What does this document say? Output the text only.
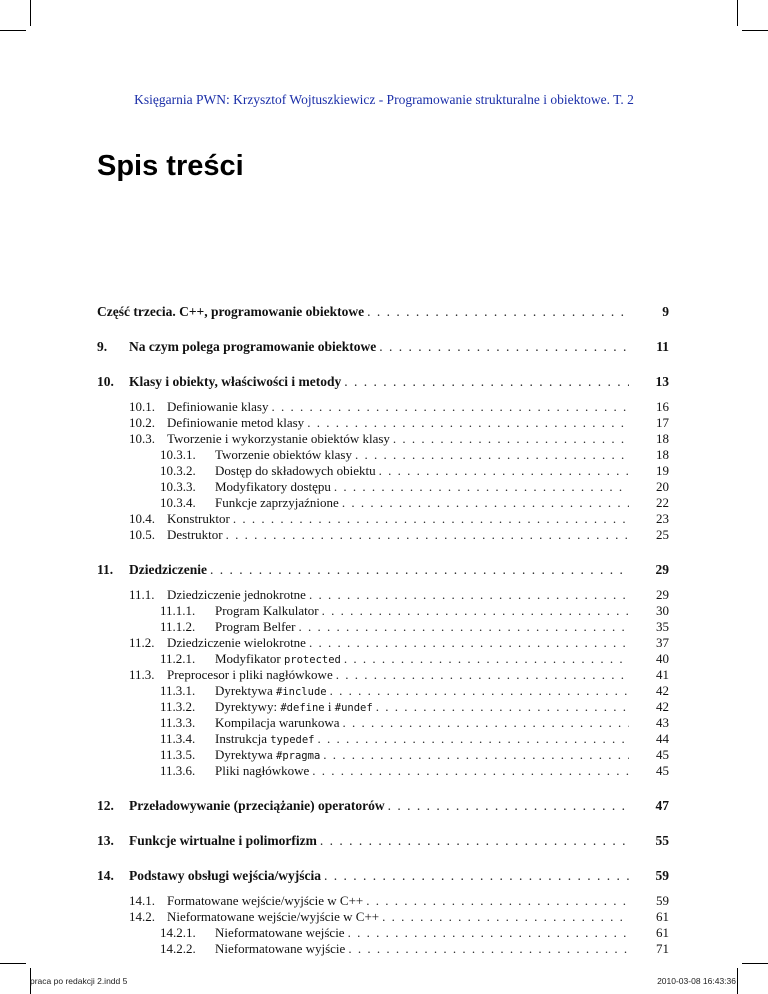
Księgarnia PWN: Krzysztof Wojtuszkiewicz - Programowanie strukturalne i obiektowe. T. 2
Spis treści
Część trzecia. C++, programowanie obiektowe . . .	9
9. Na czym polega programowanie obiektowe . . .	11
10. Klasy i obiekty, właściwości i metody . . .	13
10.1. Definiowanie klasy . . .	16
10.2. Definiowanie metod klasy . . .	17
10.3. Tworzenie i wykorzystanie obiektów klasy . . .	18
10.3.1. Tworzenie obiektów klasy . . .	18
10.3.2. Dostęp do składowych obiektu . . .	19
10.3.3. Modyfikatory dostępu . . .	20
10.3.4. Funkcje zaprzyjaźnione . . .	22
10.4. Konstruktor . . .	23
10.5. Destruktor . . .	25
11. Dziedziczenie . . .	29
11.1. Dziedziczenie jednokrotne . . .	29
11.1.1. Program Kalkulator . . .	30
11.1.2. Program Belfer . . .	35
11.2. Dziedziczenie wielokrotne . . .	37
11.2.1. Modyfikator protected . . .	40
11.3. Preprocesor i pliki nagłówkowe . . .	41
11.3.1. Dyrektywa #include . . .	42
11.3.2. Dyrektywy: #define i #undef . . .	42
11.3.3. Kompilacja warunkowa . . .	43
11.3.4. Instrukcja typedef . . .	44
11.3.5. Dyrektywa #pragma . . .	45
11.3.6. Pliki nagłówkowe . . .	45
12. Przeładowywanie (przeciążanie) operatorów . . .	47
13. Funkcje wirtualne i polimorfizm . . .	55
14. Podstawy obsługi wejścia/wyjścia . . .	59
14.1. Formatowane wejście/wyjście w C++ . . .	59
14.2. Nieformatowane wejście/wyjście w C++ . . .	61
14.2.1. Nieformatowane wejście . . .	61
14.2.2. Nieformatowane wyjście . . .	71
praca po redakcji 2.indd 5	2010-03-08 16:43:36
